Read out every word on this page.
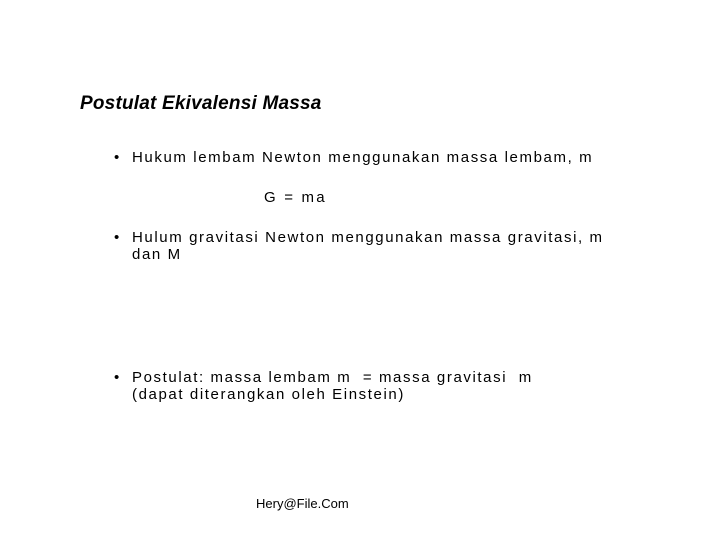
Postulat Ekivalensi Massa
• Hukum lembam Newton menggunakan massa lembam, m
G = ma
• Hulum gravitasi Newton menggunakan massa gravitasi, m
dan M
• Postulat: massa lembam m  = massa gravitasi  m
(dapat diterangkan oleh Einstein)
Hery@File.Com
